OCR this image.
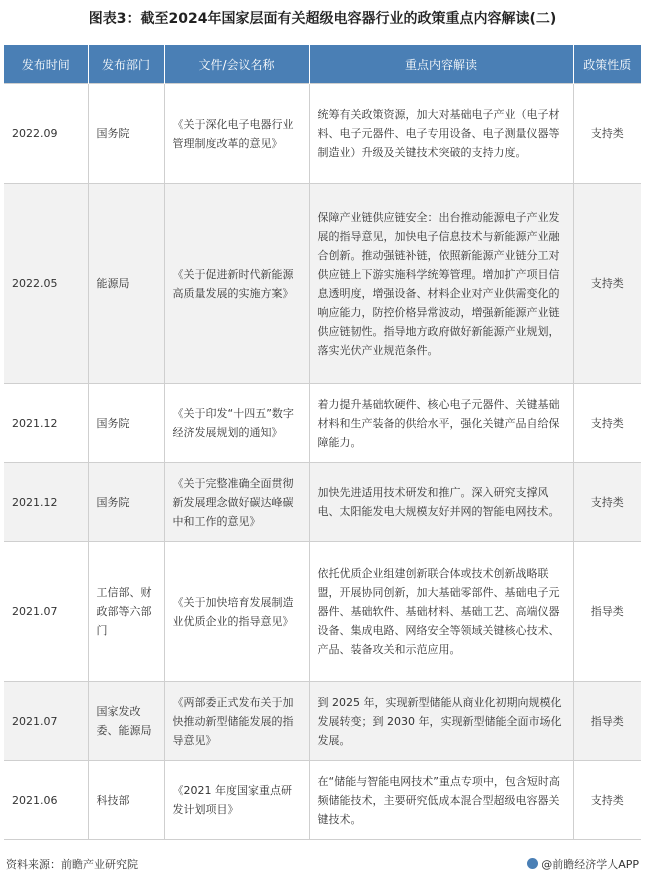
图表3：截至2024年国家层面有关超级电容器行业的政策重点内容解读(二)
发布时间	发布部门	文件/会议名称	重点内容解读	政策性质
2022.09	国务院	《关于深化电子电器行业管理制度改革的意见》	统筹有关政策资源，加大对基础电子产业（电子材料、电子元器件、电子专用设备、电子测量仪器等制造业）升级及关键技术突破的支持力度。	支持类
2022.05	能源局	《关于促进新时代新能源高质量发展的实施方案》	保障产业链供应链安全：出台推动能源电子产业发展的指导意见，加快电子信息技术与新能源产业融合创新。推动强链补链，依照新能源产业链分工对供应链上下游实施科学统筹管理。增加扩产项目信息透明度，增强设备、材料企业对产业供需变化的响应能力，防控价格异常波动，增强新能源产业链供应链韧性。指导地方政府做好新能源产业规划，落实光伏产业规范条件。	支持类
2021.12	国务院	《关于印发“十四五”数字经济发展规划的通知》	着力提升基础软硬件、核心电子元器件、关键基础材料和生产装备的供给水平，强化关键产品自给保障能力。	支持类
2021.12	国务院	《关于完整准确全面贯彻新发展理念做好碳达峰碳中和工作的意见》	加快先进适用技术研发和推广。深入研究支撑风电、太阳能发电大规模友好并网的智能电网技术。	支持类
2021.07	工信部、财政部等六部门	《关于加快培育发展制造业优质企业的指导意见》	依托优质企业组建创新联合体或技术创新战略联盟，开展协同创新，加大基础零部件、基础电子元器件、基础软件、基础材料、基础工艺、高端仪器设备、集成电路、网络安全等领域关键核心技术、产品、装备攻关和示范应用。	指导类
2021.07	国家发改委、能源局	《两部委正式发布关于加快推动新型储能发展的指导意见》	到 2025 年，实现新型储能从商业化初期向规模化发展转变；到 2030 年，实现新型储能全面市场化发展。	指导类
2021.06	科技部	《2021 年度国家重点研发计划项目》	在“储能与智能电网技术”重点专项中，包含短时高频储能技术，主要研究低成本混合型超级电容器关键技术。	支持类
资料来源：前瞻产业研究院	@前瞻经济学人APP
